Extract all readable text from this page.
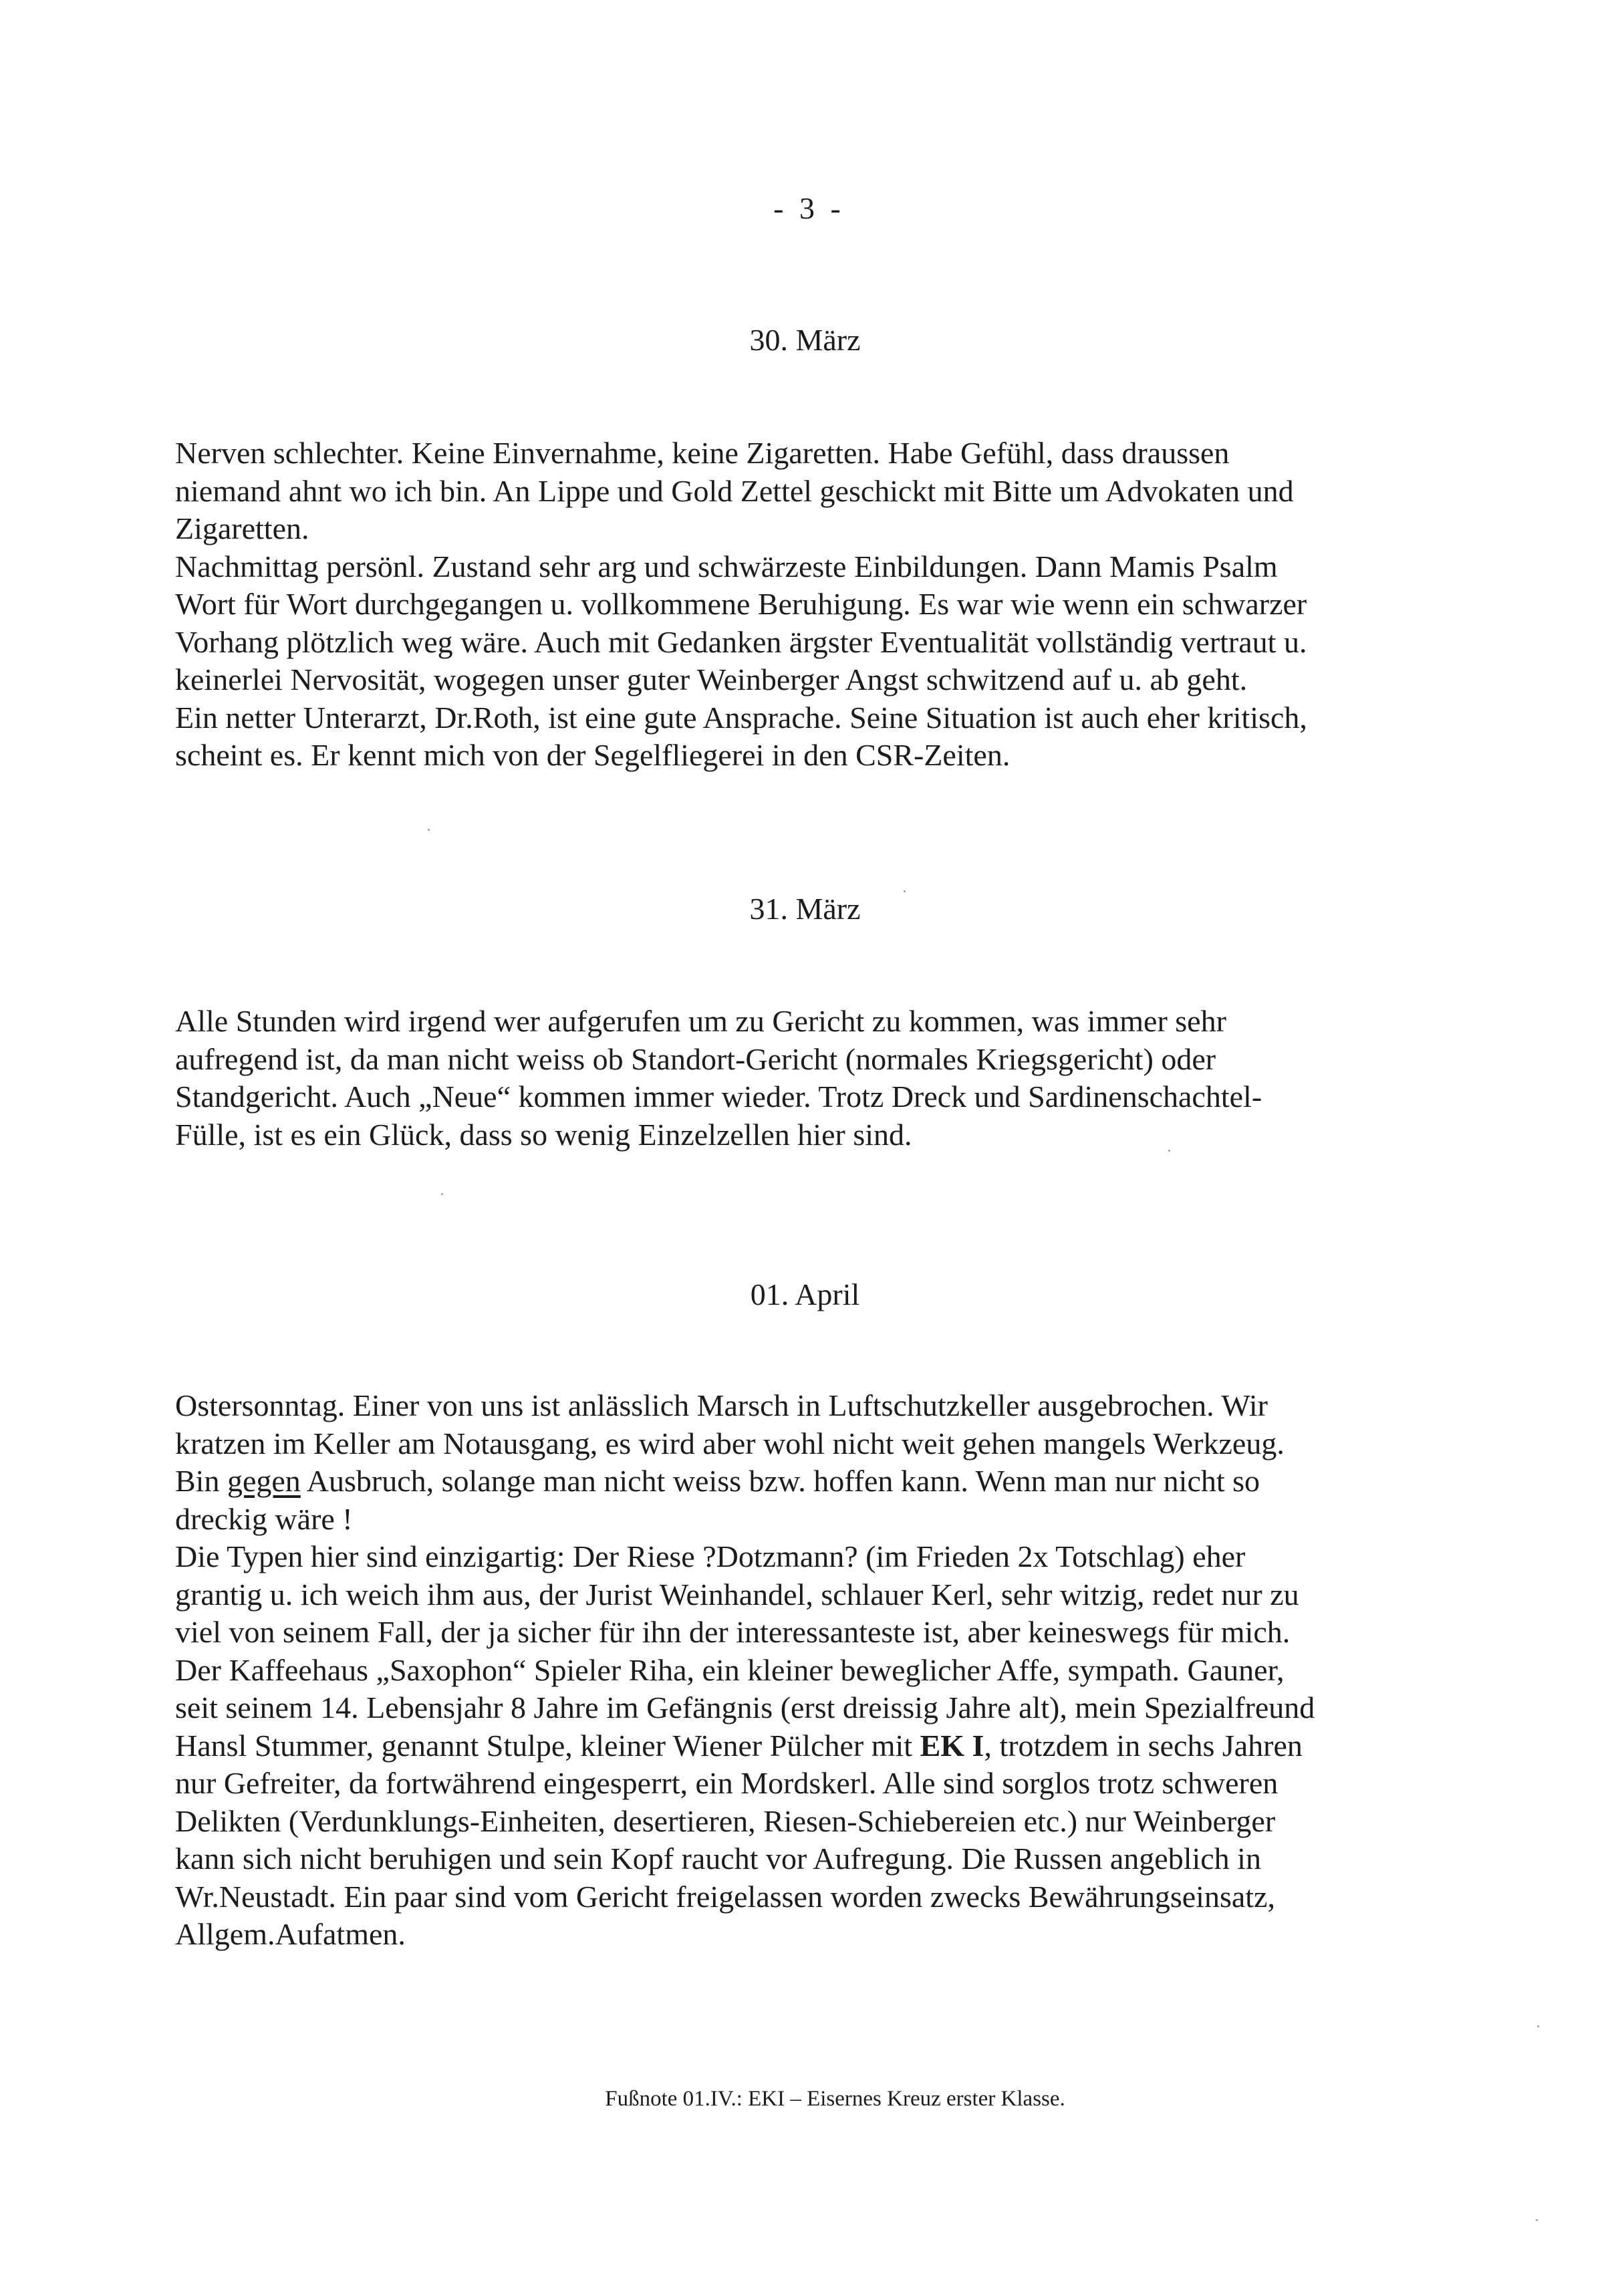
- 3 -
30. März

Nerven schlechter. Keine Einvernahme, keine Zigaretten. Habe Gefühl, dass draussen

niemand ahnt wo ich bin. An Lippe und Gold Zettel geschickt mit Bitte um Advokaten und

Zigaretten.

Nachmittag persönl. Zustand sehr arg und schwärzeste Einbildungen. Dann Mamis Psalm

Wort für Wort durchgegangen u. vollkommene Beruhigung. Es war wie wenn ein schwarzer

Vorhang plötzlich weg wäre. Auch mit Gedanken ärgster Eventualität vollständig vertraut u.

keinerlei Nervosität, wogegen unser guter Weinberger Angst schwitzend auf u. ab geht.

Ein netter Unterarzt, Dr.Roth, ist eine gute Ansprache. Seine Situation ist auch eher kritisch,

scheint es. Er kennt mich von der Segelfliegerei in den CSR-Zeiten.

31. März

Alle Stunden wird irgend wer aufgerufen um zu Gericht zu kommen, was immer sehr

aufregend ist, da man nicht weiss ob Standort-Gericht (normales Kriegsgericht) oder

Standgericht. Auch „Neue“ kommen immer wieder. Trotz Dreck und Sardinenschachtel-

Fülle, ist es ein Glück, dass so wenig Einzelzellen hier sind.

01. April

Ostersonntag. Einer von uns ist anlässlich Marsch in Luftschutzkeller ausgebrochen. Wir

kratzen im Keller am Notausgang, es wird aber wohl nicht weit gehen mangels Werkzeug.

Bin gegen Ausbruch, solange man nicht weiss bzw. hoffen kann. Wenn man nur nicht so

dreckig wäre !

Die Typen hier sind einzigartig: Der Riese ?Dotzmann? (im Frieden 2x Totschlag) eher

grantig u. ich weich ihm aus, der Jurist Weinhandel, schlauer Kerl, sehr witzig, redet nur zu

viel von seinem Fall, der ja sicher für ihn der interessanteste ist, aber keineswegs für mich.

Der Kaffeehaus „Saxophon“ Spieler Riha, ein kleiner beweglicher Affe, sympath. Gauner,

seit seinem 14. Lebensjahr 8 Jahre im Gefängnis (erst dreissig Jahre alt), mein Spezialfreund

Hansl Stummer, genannt Stulpe, kleiner Wiener Pülcher mit EK I, trotzdem in sechs Jahren

nur Gefreiter, da fortwährend eingesperrt, ein Mordskerl. Alle sind sorglos trotz schweren

Delikten (Verdunklungs-Einheiten, desertieren, Riesen-Schiebereien etc.) nur Weinberger

kann sich nicht beruhigen und sein Kopf raucht vor Aufregung. Die Russen angeblich in

Wr.Neustadt. Ein paar sind vom Gericht freigelassen worden zwecks Bewährungseinsatz,

Allgem.Aufatmen.

Fußnote 01.IV.: EKI – Eisernes Kreuz erster Klasse.
